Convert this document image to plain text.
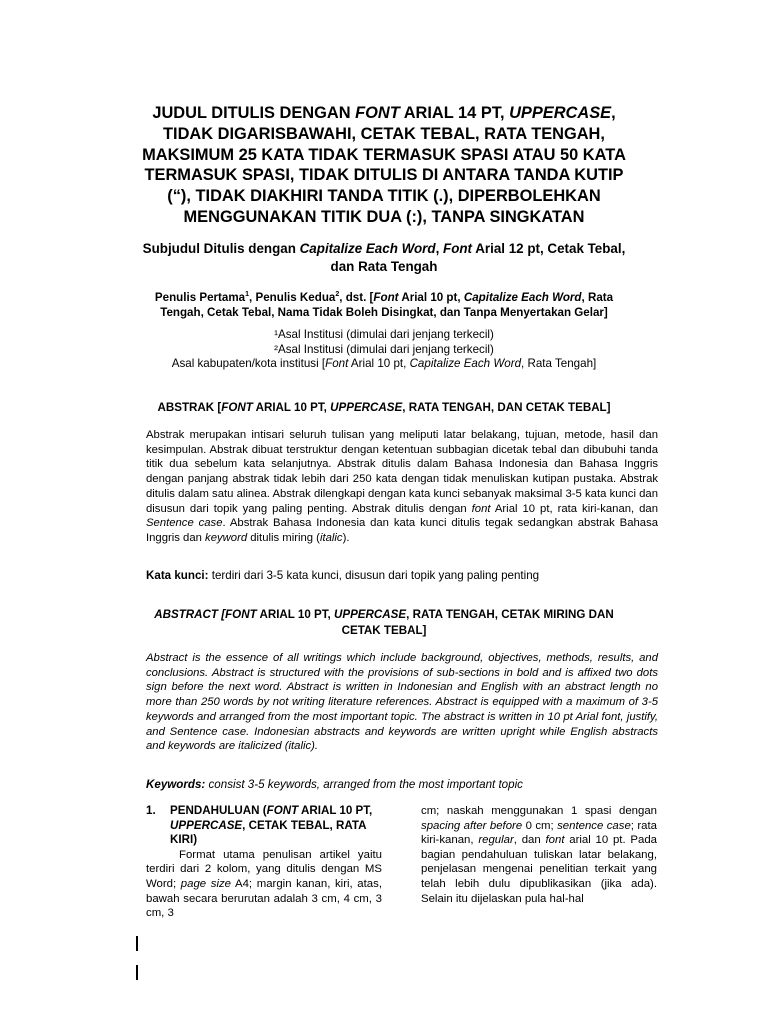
JUDUL DITULIS DENGAN FONT ARIAL 14 PT, UPPERCASE, TIDAK DIGARISBAWAHI, CETAK TEBAL, RATA TENGAH, MAKSIMUM 25 KATA TIDAK TERMASUK SPASI ATAU 50 KATA TERMASUK SPASI, TIDAK DITULIS DI ANTARA TANDA KUTIP (“), TIDAK DIAKHIRI TANDA TITIK (.), DIPERBOLEHKAN MENGGUNAKAN TITIK DUA (:), TANPA SINGKATAN
Subjudul Ditulis dengan Capitalize Each Word, Font Arial 12 pt, Cetak Tebal, dan Rata Tengah

Penulis Pertama$^1$, Penulis Kedua$^2$, dst. [Font Arial 10 pt, Capitalize Each Word, Rata Tengah, Cetak Tebal, Nama Tidak Boleh Disingkat, dan Tanpa Menyertakan Gelar]

¹Asal Institusi (dimulai dari jenjang terkecil)
²Asal Institusi (dimulai dari jenjang terkecil)
Asal kabupaten/kota institusi [Font Arial 10 pt, Capitalize Each Word, Rata Tengah]
ABSTRAK [FONT ARIAL 10 PT, UPPERCASE, RATA TENGAH, DAN CETAK TEBAL]

Abstrak merupakan intisari seluruh tulisan yang meliputi latar belakang, tujuan, metode, hasil dan kesimpulan. Abstrak dibuat terstruktur dengan ketentuan subbagian dicetak tebal dan dibubuhi tanda titik dua sebelum kata selanjutnya. Abstrak ditulis dalam Bahasa Indonesia dan Bahasa Inggris dengan panjang abstrak tidak lebih dari 250 kata dengan tidak menuliskan kutipan pustaka. Abstrak ditulis dalam satu alinea. Abstrak dilengkapi dengan kata kunci sebanyak maksimal 3-5 kata kunci dan disusun dari topik yang paling penting. Abstrak ditulis dengan font Arial 10 pt, rata kiri-kanan, dan Sentence case. Abstrak Bahasa Indonesia dan kata kunci ditulis tegak sedangkan abstrak Bahasa Inggris dan keyword ditulis miring (italic).

Kata kunci: terdiri dari 3-5 kata kunci, disusun dari topik yang paling penting

ABSTRACT [FONT ARIAL 10 PT, UPPERCASE, RATA TENGAH, CETAK MIRING DAN CETAK TEBAL]

Abstract is the essence of all writings which include background, objectives, methods, results, and conclusions. Abstract is structured with the provisions of sub-sections in bold and is affixed two dots sign before the next word. Abstract is written in Indonesian and English with an abstract length no more than 250 words by not writing literature references. Abstract is equipped with a maximum of 3-5 keywords and arranged from the most important topic. The abstract is written in 10 pt Arial font, justify, and Sentence case. Indonesian abstracts and keywords are written upright while English abstracts and keywords are italicized (italic).

Keywords: consist 3-5 keywords, arranged from the most important topic

1.	PENDAHULUAN (FONT ARIAL 10 PT, UPPERCASE, CETAK TEBAL, RATA KIRI)

Format utama penulisan artikel yaitu terdiri dari 2 kolom, yang ditulis dengan MS Word; page size A4; margin kanan, kiri, atas, bawah secara berurutan adalah 3 cm, 4 cm, 3 cm, 3

cm; naskah menggunakan 1 spasi dengan spacing after before 0 cm; sentence case; rata kiri-kanan, regular, dan font arial 10 pt. Pada bagian pendahuluan tuliskan latar belakang, penjelasan mengenai penelitian terkait yang telah lebih dulu dipublikasikan (jika ada). Selain itu dijelaskan pula hal-hal
